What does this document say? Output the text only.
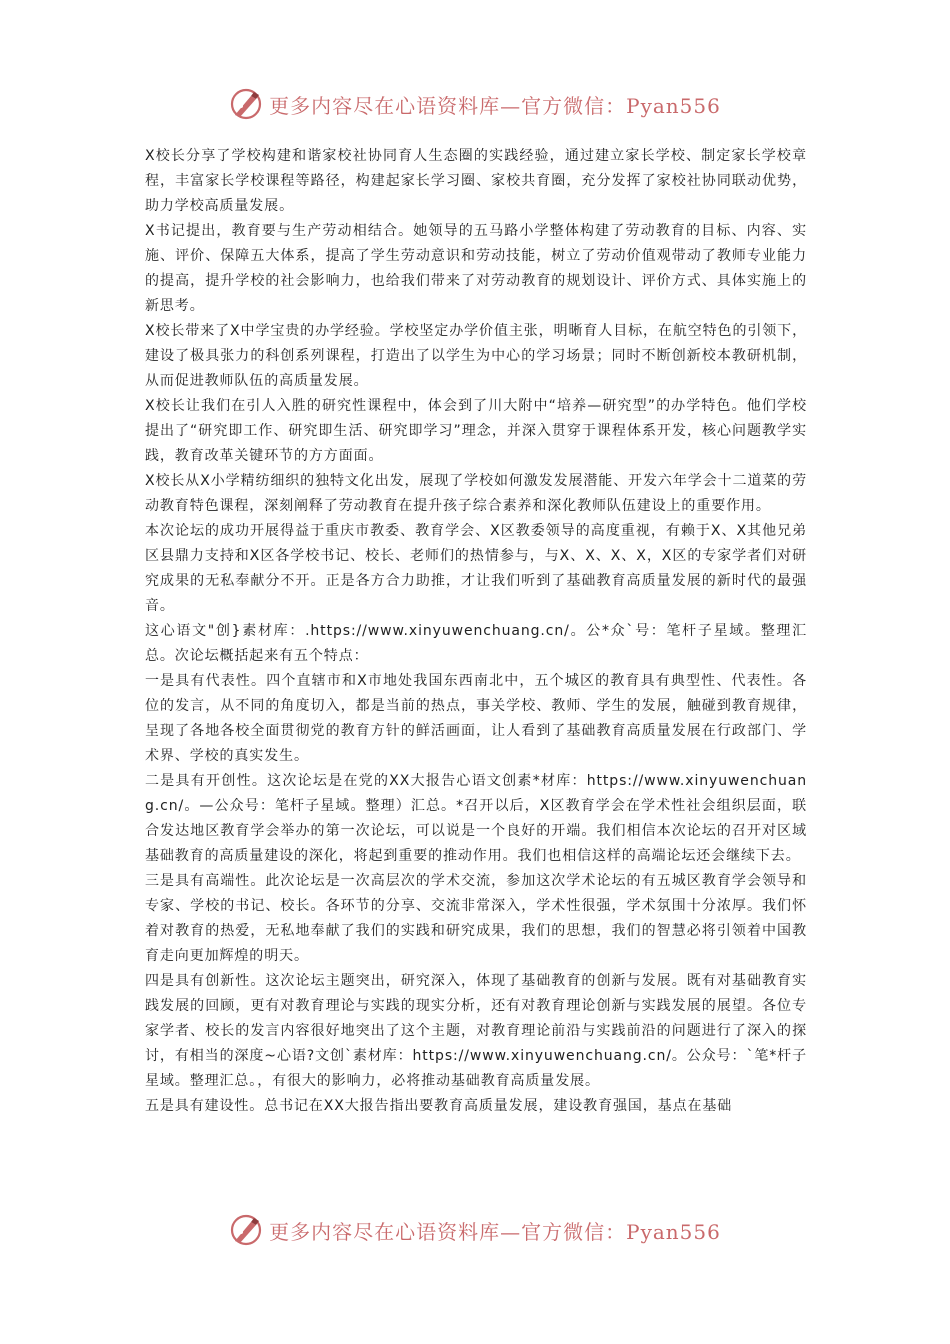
更多内容尽在心语资料库—官方微信：Pyan556

X校长分享了学校构建和谐家校社协同育人生态圈的实践经验，通过建立家长学校、制定家长学校章程，丰富家长学校课程等路径，构建起家长学习圈、家校共育圈，充分发挥了家校社协同联动优势，助力学校高质量发展。

X书记提出，教育要与生产劳动相结合。她领导的五马路小学整体构建了劳动教育的目标、内容、实施、评价、保障五大体系，提高了学生劳动意识和劳动技能，树立了劳动价值观带动了教师专业能力的提高，提升学校的社会影响力，也给我们带来了对劳动教育的规划设计、评价方式、具体实施上的新思考。

X校长带来了X中学宝贵的办学经验。学校坚定办学价值主张，明晰育人目标，在航空特色的引领下，建设了极具张力的科创系列课程，打造出了以学生为中心的学习场景；同时不断创新校本教研机制，从而促进教师队伍的高质量发展。

X校长让我们在引人入胜的研究性课程中，体会到了川大附中“培养—研究型”的办学特色。他们学校提出了“研究即工作、研究即生活、研究即学习”理念，并深入贯穿于课程体系开发，核心问题教学实践，教育改革关键环节的方方面面。

X校长从X小学精纺细织的独特文化出发，展现了学校如何激发发展潜能、开发六年学会十二道菜的劳动教育特色课程，深刻阐释了劳动教育在提升孩子综合素养和深化教师队伍建设上的重要作用。

本次论坛的成功开展得益于重庆市教委、教育学会、X区教委领导的高度重视，有赖于X、X其他兄弟区县鼎力支持和X区各学校书记、校长、老师们的热情参与，与X、X、X、X，X区的专家学者们对研究成果的无私奉献分不开。正是各方合力助推，才让我们听到了基础教育高质量发展的新时代的最强音。

这心语文"创}素材库：.https://www.xinyuwenchuang.cn/。公*众`号：笔杆子星域。整理汇总。次论坛概括起来有五个特点：

一是具有代表性。四个直辖市和X市地处我国东西南北中，五个城区的教育具有典型性、代表性。各位的发言，从不同的角度切入，都是当前的热点，事关学校、教师、学生的发展，触碰到教育规律，呈现了各地各校全面贯彻党的教育方针的鲜活画面，让人看到了基础教育高质量发展在行政部门、学术界、学校的真实发生。

二是具有开创性。这次论坛是在党的XX大报告心语文创素*材库：https://www.xinyuwenchuang.cn/。—公众号：笔杆子星域。整理）汇总。*召开以后，X区教育学会在学术性社会组织层面，联合发达地区教育学会举办的第一次论坛，可以说是一个良好的开端。我们相信本次论坛的召开对区域基础教育的高质量建设的深化，将起到重要的推动作用。我们也相信这样的高端论坛还会继续下去。

三是具有高端性。此次论坛是一次高层次的学术交流，参加这次学术论坛的有五城区教育学会领导和专家、学校的书记、校长。各环节的分享、交流非常深入，学术性很强，学术氛围十分浓厚。我们怀着对教育的热爱，无私地奉献了我们的实践和研究成果，我们的思想，我们的智慧必将引领着中国教育走向更加辉煌的明天。

四是具有创新性。这次论坛主题突出，研究深入，体现了基础教育的创新与发展。既有对基础教育实践发展的回顾，更有对教育理论与实践的现实分析，还有对教育理论创新与实践发展的展望。各位专家学者、校长的发言内容很好地突出了这个主题，对教育理论前沿与实践前沿的问题进行了深入的探讨，有相当的深度~心语?文创`素材库：https://www.xinyuwenchuang.cn/。公众号：`笔*杆子星域。整理汇总。，有很大的影响力，必将推动基础教育高质量发展。

五是具有建设性。总书记在XX大报告指出要教育高质量发展，建设教育强国，基点在基础

更多内容尽在心语资料库—官方微信：Pyan556
